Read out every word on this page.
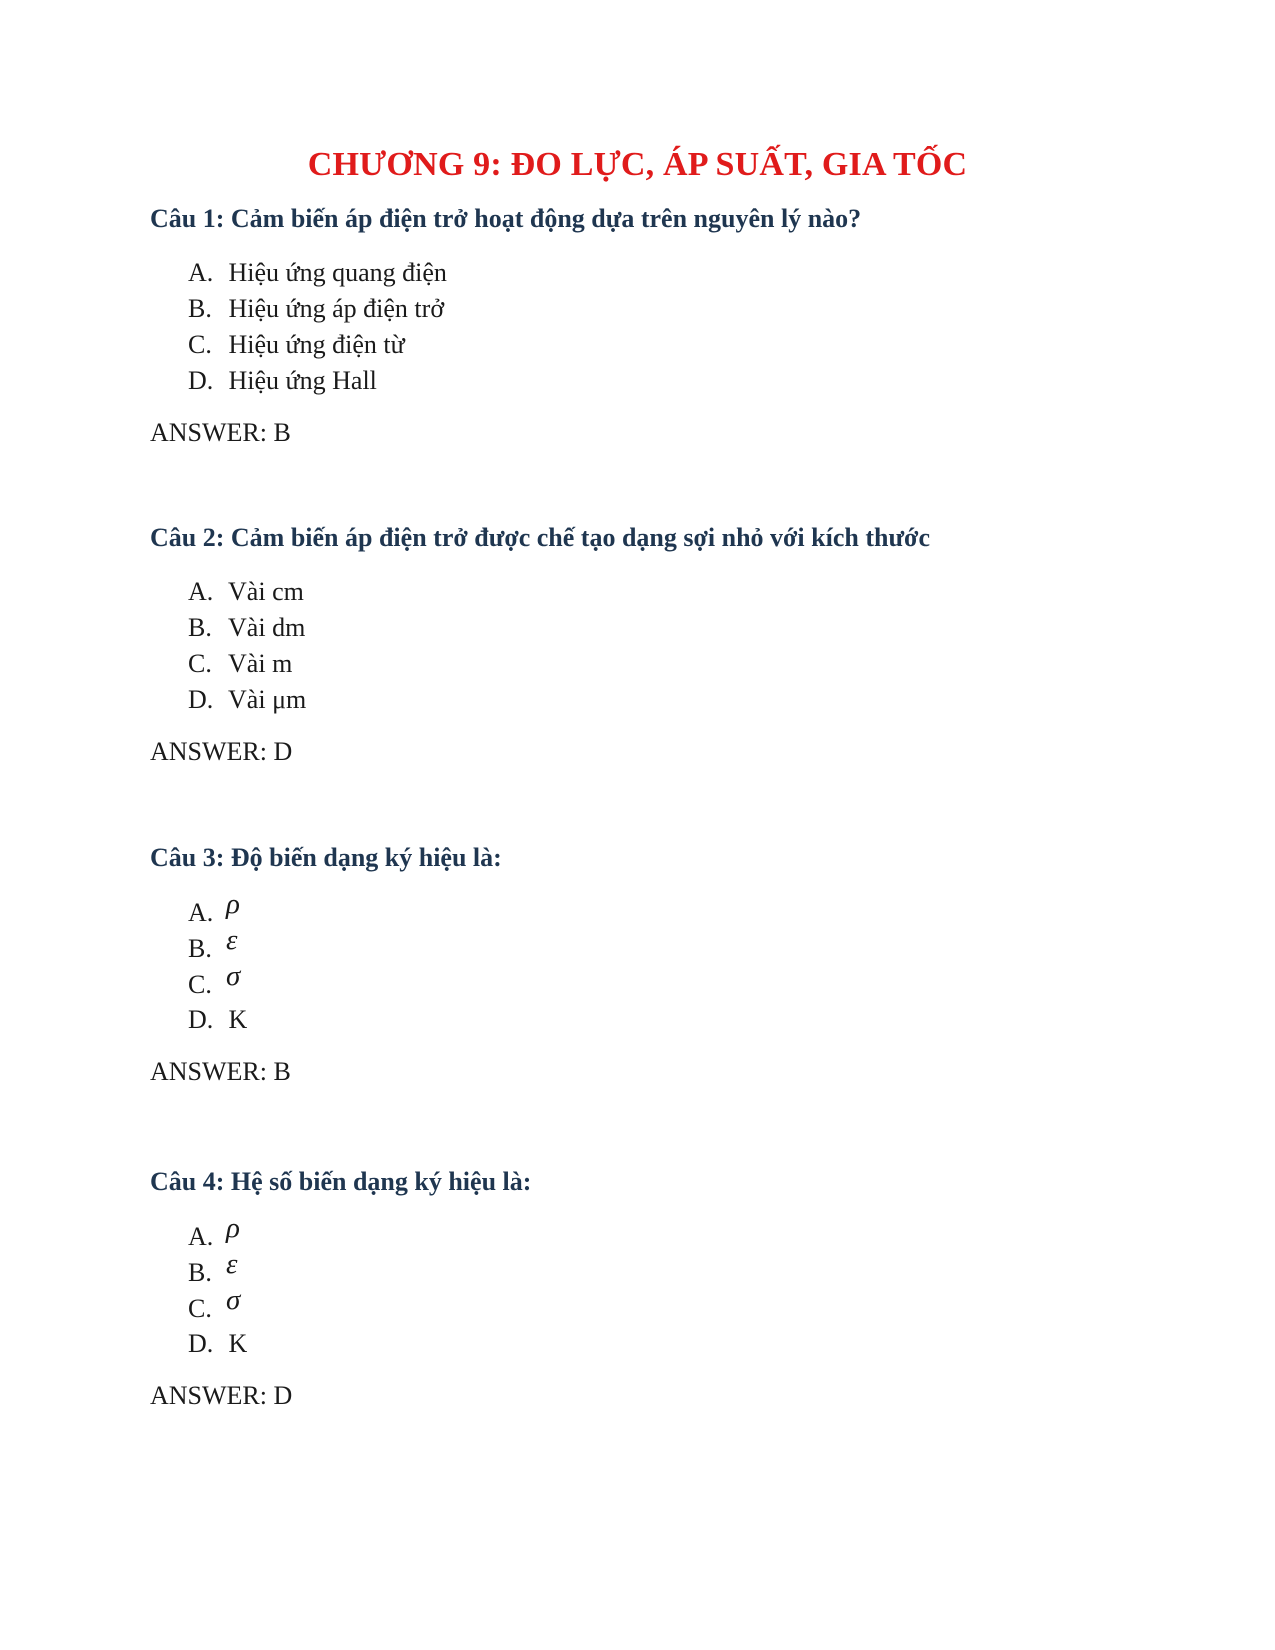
CHƯƠNG 9: ĐO LỰC, ÁP SUẤT, GIA TỐC
Câu 1: Cảm biến áp điện trở hoạt động dựa trên nguyên lý nào?
A. Hiệu ứng quang điện
B. Hiệu ứng áp điện trở
C. Hiệu ứng điện từ
D. Hiệu ứng Hall
ANSWER: B
Câu 2: Cảm biến áp điện trở được chế tạo dạng sợi nhỏ với kích thước
A. Vài cm
B. Vài dm
C. Vài m
D. Vài μm
ANSWER: D
Câu 3: Độ biến dạng ký hiệu là:
A. ρ
B. ε
C. σ
D. K
ANSWER: B
Câu 4: Hệ số biến dạng ký hiệu là:
A. ρ
B. ε
C. σ
D. K
ANSWER: D
